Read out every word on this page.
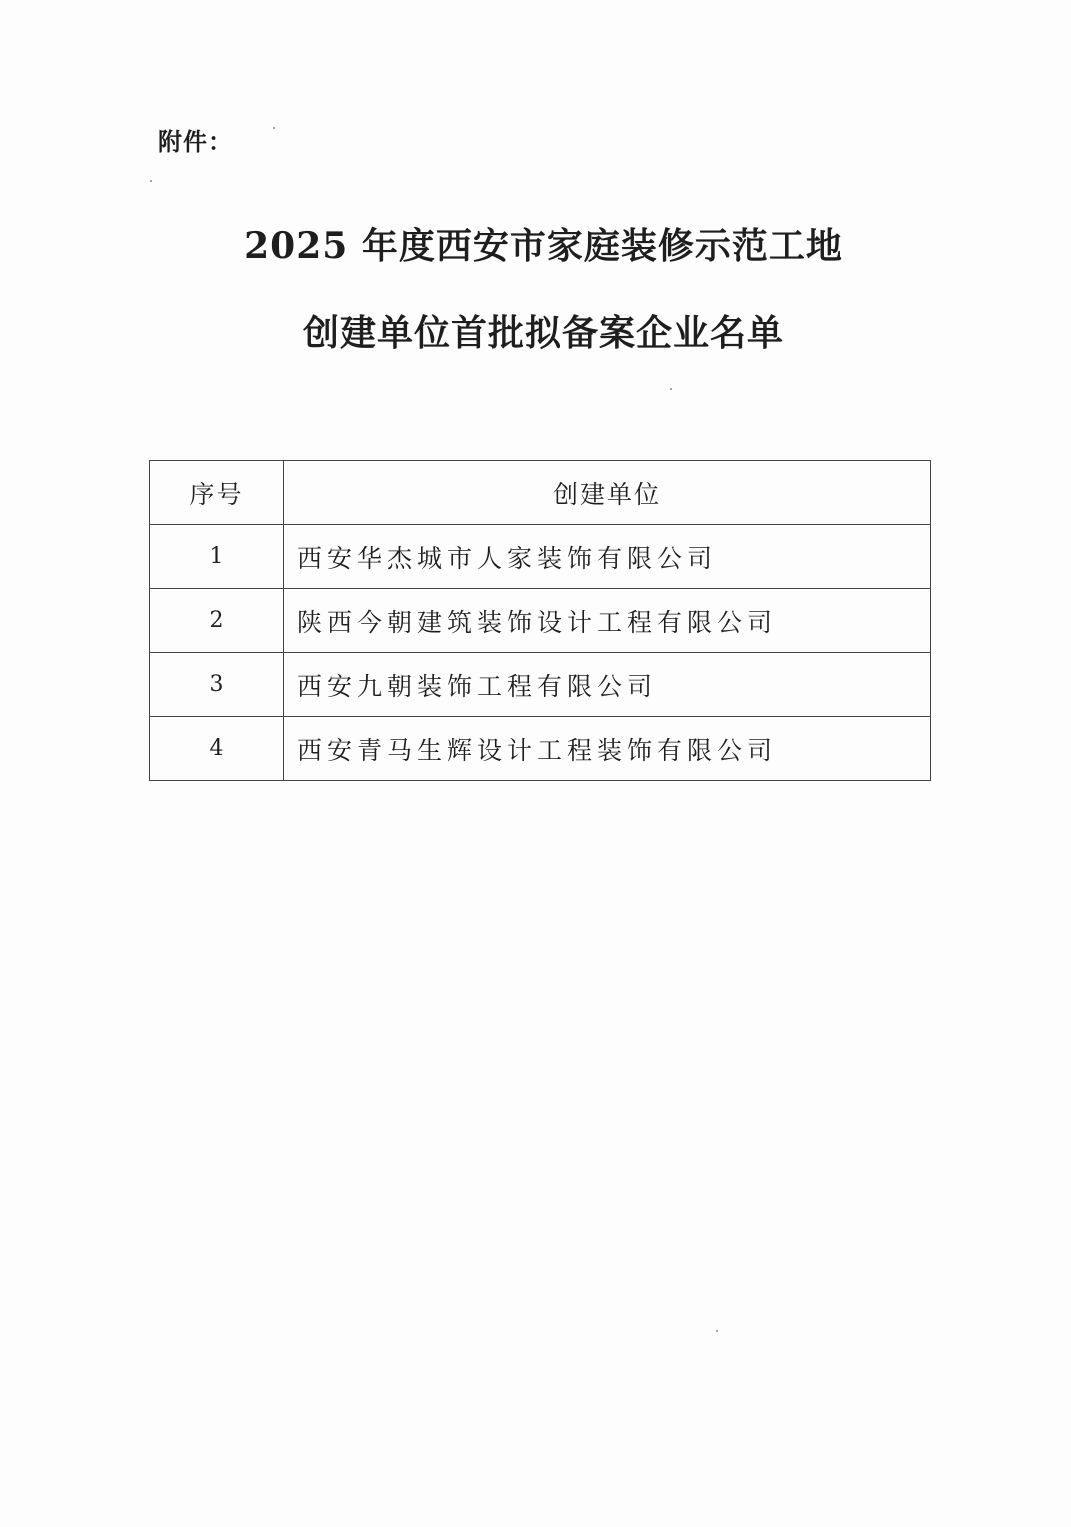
附件：
2025 年度西安市家庭装修示范工地
创建单位首批拟备案企业名单
序号	创建单位
1	西安华杰城市人家装饰有限公司
2	陕西今朝建筑装饰设计工程有限公司
3	西安九朝装饰工程有限公司
4	西安青马生辉设计工程装饰有限公司
